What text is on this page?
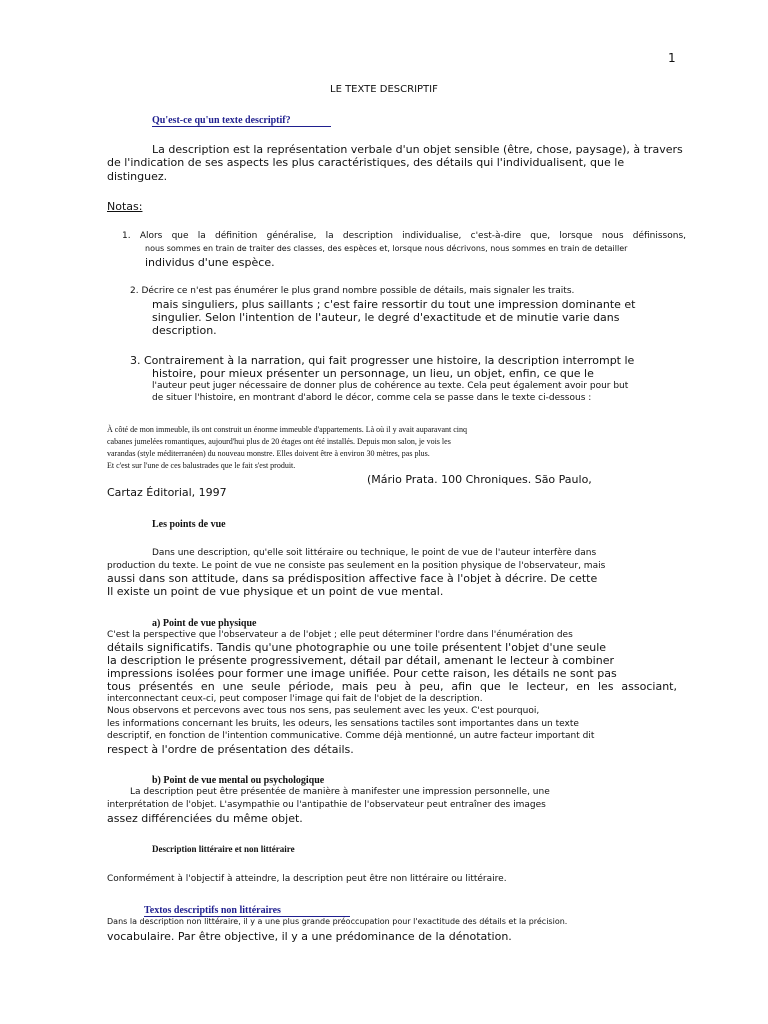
1
LE TEXTE DESCRIPTIF
Qu'est-ce qu'un texte descriptif?
La description est la représentation verbale d'un objet sensible (être, chose, paysage), à travers
de l'indication de ses aspects les plus caractéristiques, des détails qui l'individualisent, que le
distinguez.
Notas:
1. Alors que la définition généralise, la description individualise, c'est-à-dire que, lorsque nous définissons,
nous sommes en train de traiter des classes, des espèces et, lorsque nous décrivons, nous sommes en train de detailler
individus d'une espèce.
2. Décrire ce n'est pas énumérer le plus grand nombre possible de détails, mais signaler les traits.
mais singuliers, plus saillants ; c'est faire ressortir du tout une impression dominante et
singulier. Selon l'intention de l'auteur, le degré d'exactitude et de minutie varie dans
description.
3. Contrairement à la narration, qui fait progresser une histoire, la description interrompt le
histoire, pour mieux présenter un personnage, un lieu, un objet, enfin, ce que le
l'auteur peut juger nécessaire de donner plus de cohérence au texte. Cela peut également avoir pour but
de situer l'histoire, en montrant d'abord le décor, comme cela se passe dans le texte ci-dessous :
À côté de mon immeuble, ils ont construit un énorme immeuble d'appartements. Là où il y avait auparavant cinq
cabanes jumelées romantiques, aujourd'hui plus de 20 étages ont été installés. Depuis mon salon, je vois les
varandas (style méditerranéen) du nouveau monstre. Elles doivent être à environ 30 mètres, pas plus.
Et c'est sur l'une de ces balustrades que le fait s'est produit.
(Mário Prata. 100 Chroniques. São Paulo,
Cartaz Éditorial, 1997
Les points de vue
Dans une description, qu'elle soit littéraire ou technique, le point de vue de l'auteur interfère dans
production du texte. Le point de vue ne consiste pas seulement en la position physique de l'observateur, mais
aussi dans son attitude, dans sa prédisposition affective face à l'objet à décrire. De cette
Il existe un point de vue physique et un point de vue mental.
a) Point de vue physique
C'est la perspective que l'observateur a de l'objet ; elle peut déterminer l'ordre dans l'énumération des
détails significatifs. Tandis qu'une photographie ou une toile présentent l'objet d'une seule
la description le présente progressivement, détail par détail, amenant le lecteur à combiner
impressions isolées pour former une image unifiée. Pour cette raison, les détails ne sont pas
tous présentés en une seule période, mais peu à peu, afin que le lecteur, en les associant,
interconnectant ceux-ci, peut composer l'image qui fait de l'objet de la description.
Nous observons et percevons avec tous nos sens, pas seulement avec les yeux. C'est pourquoi,
les informations concernant les bruits, les odeurs, les sensations tactiles sont importantes dans un texte
descriptif, en fonction de l'intention communicative. Comme déjà mentionné, un autre facteur important dit
respect à l'ordre de présentation des détails.
b) Point de vue mental ou psychologique
La description peut être présentée de manière à manifester une impression personnelle, une
interprétation de l'objet. L'asympathie ou l'antipathie de l'observateur peut entraîner des images
assez différenciées du même objet.
Description littéraire et non littéraire
Conformément à l'objectif à atteindre, la description peut être non littéraire ou littéraire.
Textos descriptifs non littéraires
Dans la description non littéraire, il y a une plus grande préoccupation pour l'exactitude des détails et la précision.
vocabulaire. Par être objective, il y a une prédominance de la dénotation.
